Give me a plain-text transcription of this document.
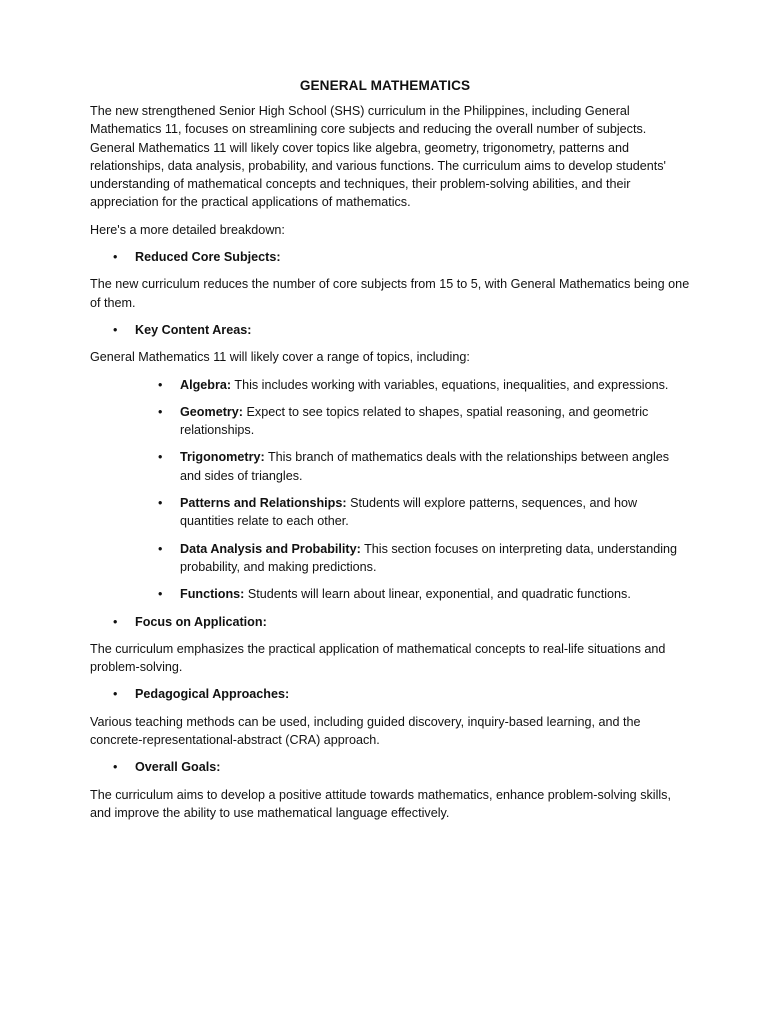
GENERAL MATHEMATICS

The new strengthened Senior High School (SHS) curriculum in the Philippines, including General Mathematics 11, focuses on streamlining core subjects and reducing the overall number of subjects. General Mathematics 11 will likely cover topics like algebra, geometry, trigonometry, patterns and relationships, data analysis, probability, and various functions. The curriculum aims to develop students' understanding of mathematical concepts and techniques, their problem-solving abilities, and their appreciation for the practical applications of mathematics.

Here's a more detailed breakdown:

• Reduced Core Subjects:

The new curriculum reduces the number of core subjects from 15 to 5, with General Mathematics being one of them.

• Key Content Areas:

General Mathematics 11 will likely cover a range of topics, including:

• Algebra: This includes working with variables, equations, inequalities, and expressions.
• Geometry: Expect to see topics related to shapes, spatial reasoning, and geometric relationships.
• Trigonometry: This branch of mathematics deals with the relationships between angles and sides of triangles.
• Patterns and Relationships: Students will explore patterns, sequences, and how quantities relate to each other.
• Data Analysis and Probability: This section focuses on interpreting data, understanding probability, and making predictions.
• Functions: Students will learn about linear, exponential, and quadratic functions.
• Focus on Application:

The curriculum emphasizes the practical application of mathematical concepts to real-life situations and problem-solving.

• Pedagogical Approaches:

Various teaching methods can be used, including guided discovery, inquiry-based learning, and the concrete-representational-abstract (CRA) approach.

• Overall Goals:

The curriculum aims to develop a positive attitude towards mathematics, enhance problem-solving skills, and improve the ability to use mathematical language effectively.
